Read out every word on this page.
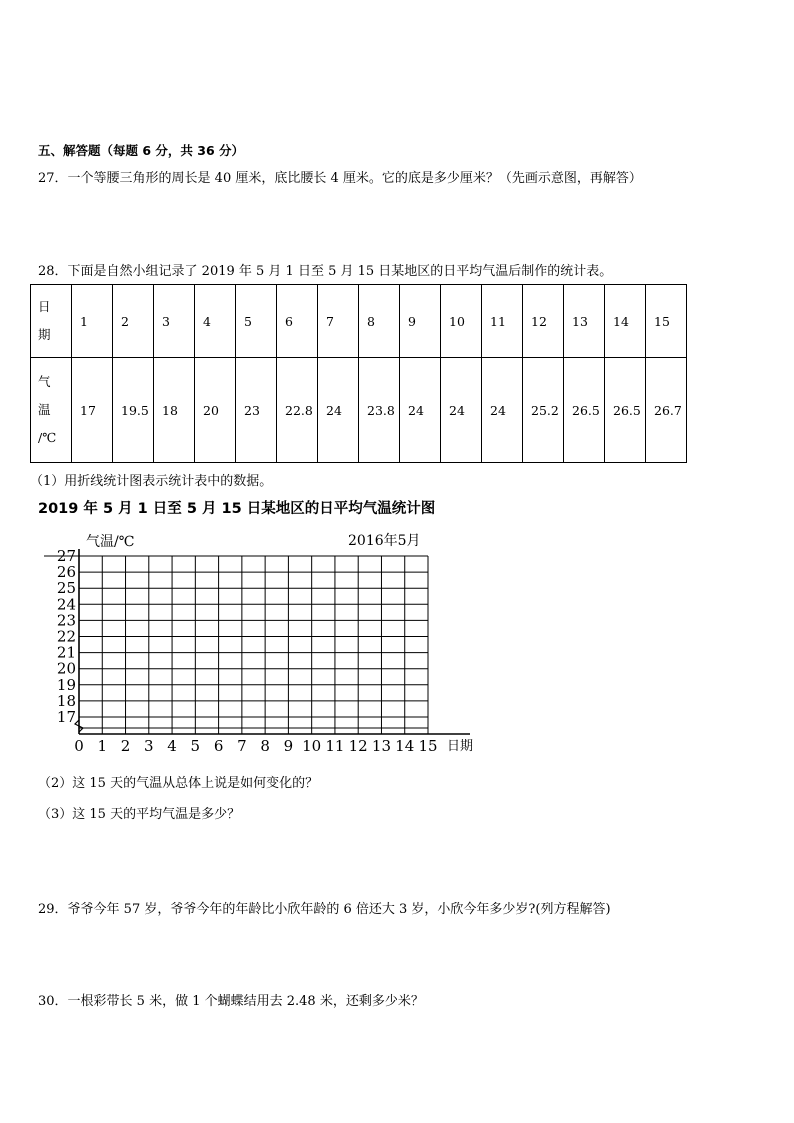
五、解答题（每题 6 分，共 36 分）
27．一个等腰三角形的周长是 40 厘米，底比腰长 4 厘米。它的底是多少厘米？（先画示意图，再解答）
28．下面是自然小组记录了 2019 年 5 月 1 日至 5 月 15 日某地区的日平均气温后制作的统计表。
日
期	1	2	3	4	5	6	7	8	9	10	11	12	13	14	15

气
温
/℃	17	19.5	18	20	23	22.8	24	23.8	24	24	24	25.2	26.5	26.5	26.7
（1）用折线统计图表示统计表中的数据。
2019 年 5 月 1 日至 5 月 15 日某地区的日平均气温统计图
17
18
19
20
21
22
23
24
25
26
27
0 1 2 3 4 5 6 7 8 9 10 11 12 13 14 15
气温/℃	2016年5月
日期
（2）这 15 天的气温从总体上说是如何变化的？
（3）这 15 天的平均气温是多少？
29．爷爷今年 57 岁，爷爷今年的年龄比小欣年龄的 6 倍还大 3 岁，小欣今年多少岁?(列方程解答)
30．一根彩带长 5 米，做 1 个蝴蝶结用去 2.48 米，还剩多少米？
